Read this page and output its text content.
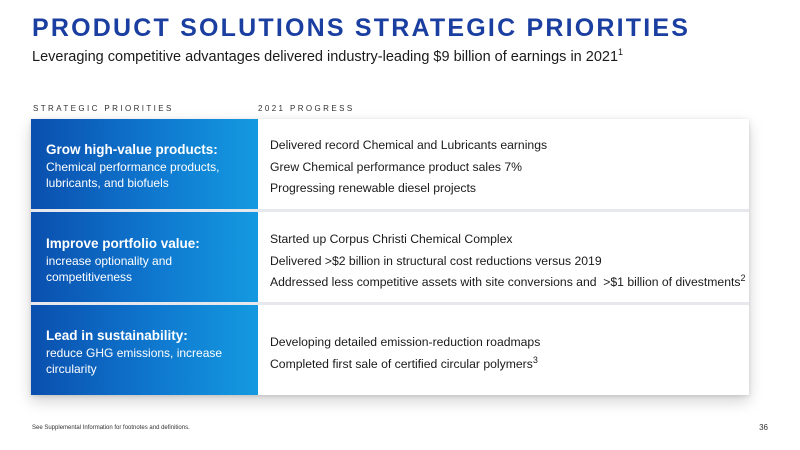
PRODUCT SOLUTIONS STRATEGIC PRIORITIES
Leveraging competitive advantages delivered industry-leading $9 billion of earnings in 2021$^1$
STRATEGIC PRIORITIES	2021 PROGRESS
Grow high-value products:
Chemical performance products, lubricants, and biofuels
Delivered record Chemical and Lubricants earnings
Grew Chemical performance product sales 7%
Progressing renewable diesel projects
Improve portfolio value:
increase optionality and competitiveness
Started up Corpus Christi Chemical Complex
Delivered >$2 billion in structural cost reductions versus 2019
Addressed less competitive assets with site conversions and  >$1 billion of divestments$^2$
Lead in sustainability:
reduce GHG emissions, increase circularity
Developing detailed emission-reduction roadmaps
Completed first sale of certified circular polymers$^3$
See Supplemental Information for footnotes and definitions.	36
